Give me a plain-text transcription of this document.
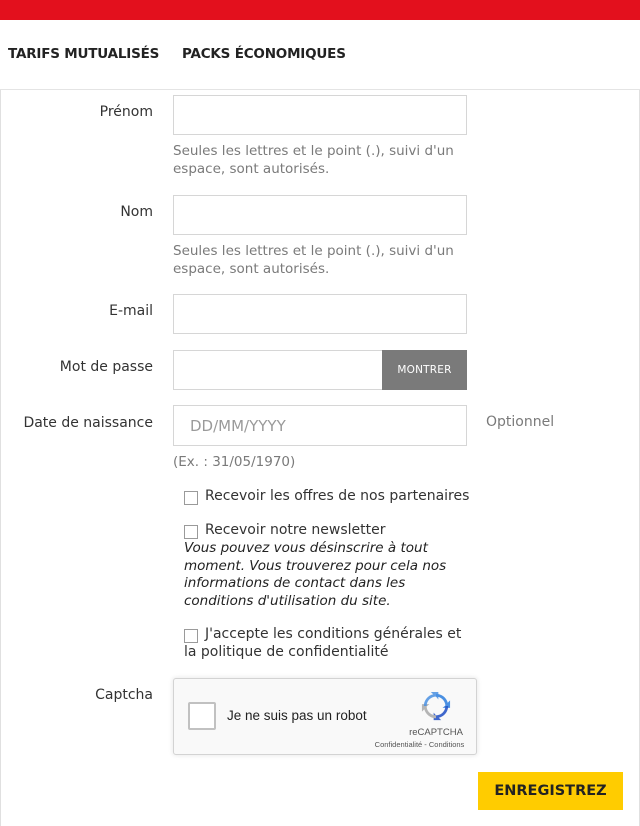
TARIFS MUTUALISÉS PACKS ÉCONOMIQUES
Prénom
Seules les lettres et le point (.), suivi d'un espace, sont autorisés.
Nom
Seules les lettres et le point (.), suivi d'un espace, sont autorisés.
E-mail
Mot de passe	MONTRER
Date de naissance DD/MM/YYYY	Optionnel
(Ex. : 31/05/1970)
Recevoir les offres de nos partenaires
Recevoir notre newsletter
Vous pouvez vous désinscrire à tout moment. Vous trouverez pour cela nos informations de contact dans les conditions d'utilisation du site.
J'accepte les conditions générales et la politique de confidentialité
Captcha
Je ne suis pas un robot
reCAPTCHA
Confidentialité - Conditions
ENREGISTREZ
